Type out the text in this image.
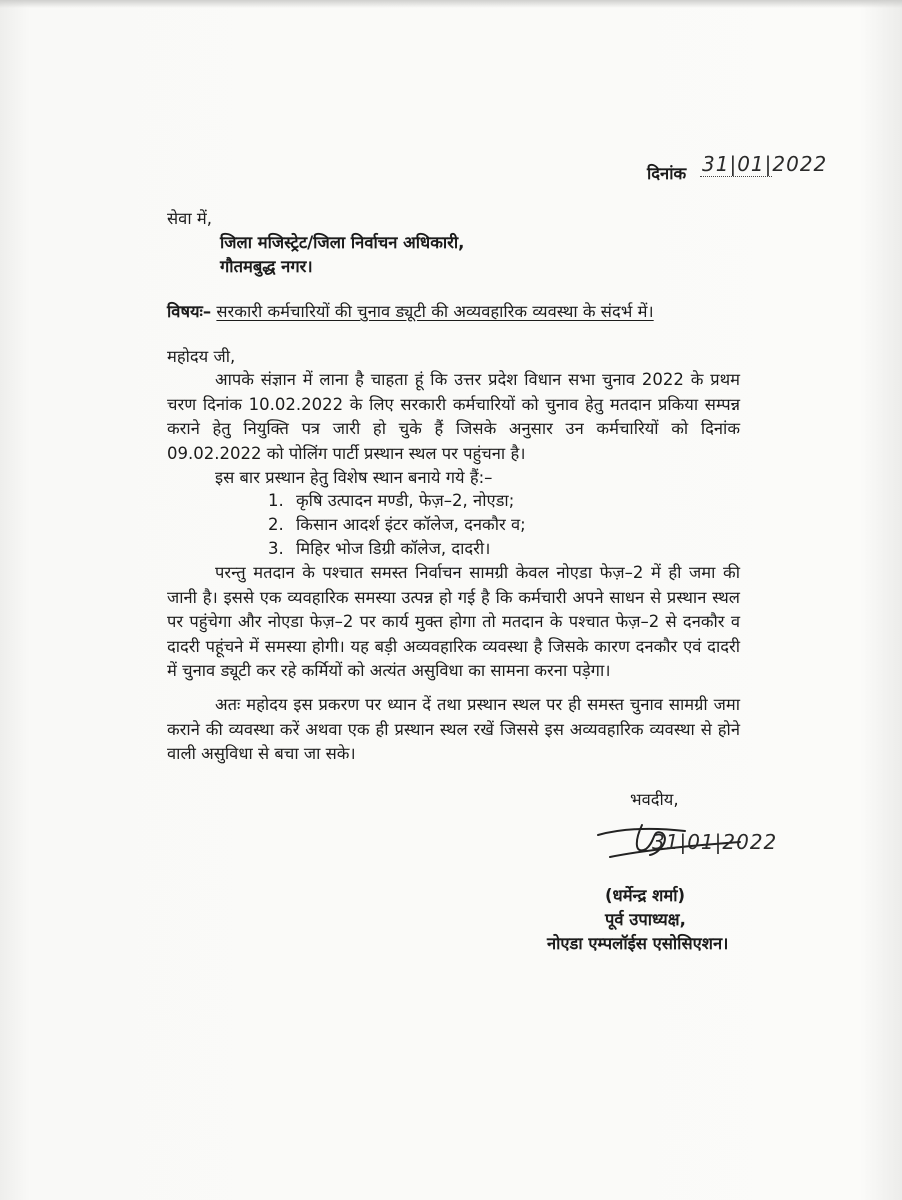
दिनांक 31|01|2022
सेवा में,
जिला मजिस्ट्रेट/जिला निर्वाचन अधिकारी,
गौतमबुद्ध नगर।
विषयः– सरकारी कर्मचारियों की चुनाव ड्यूटी की अव्यवहारिक व्यवस्था के संदर्भ में।
महोदय जी,
आपके संज्ञान में लाना है चाहता हूं कि उत्तर प्रदेश विधान सभा चुनाव 2022 के प्रथम चरण दिनांक 10.02.2022 के लिए सरकारी कर्मचारियों को चुनाव हेतु मतदान प्रकिया सम्पन्न कराने हेतु नियुक्ति पत्र जारी हो चुके हैं जिसके अनुसार उन कर्मचारियों को दिनांक 09.02.2022 को पोलिंग पार्टी प्रस्थान स्थल पर पहुंचना है।
इस बार प्रस्थान हेतु विशेष स्थान बनाये गये हैं:–
1. कृषि उत्पादन मण्डी, फेज़–2, नोएडा;
2. किसान आदर्श इंटर कॉलेज, दनकौर व;
3. मिहिर भोज डिग्री कॉलेज, दादरी।
परन्तु मतदान के पश्चात समस्त निर्वाचन सामग्री केवल नोएडा फेज़–2 में ही जमा की जानी है। इससे एक व्यवहारिक समस्या उत्पन्न हो गई है कि कर्मचारी अपने साधन से प्रस्थान स्थल पर पहुंचेगा और नोएडा फेज़–2 पर कार्य मुक्त होगा तो मतदान के पश्चात फेज़–2 से दनकौर व दादरी पहूंचने में समस्या होगी। यह बड़ी अव्यवहारिक व्यवस्था है जिसके कारण दनकौर एवं दादरी में चुनाव ड्यूटी कर रहे कर्मियों को अत्यंत असुविधा का सामना करना पड़ेगा।
अतः महोदय इस प्रकरण पर ध्यान दें तथा प्रस्थान स्थल पर ही समस्त चुनाव सामग्री जमा कराने की व्यवस्था करें अथवा एक ही प्रस्थान स्थल रखें जिससे इस अव्यवहारिक व्यवस्था से होने वाली असुविधा से बचा जा सके।
भवदीय,
31|01|2022
(धर्मेन्द्र शर्मा)
पूर्व उपाध्यक्ष,
नोएडा एम्पलॉईस एसोसिएशन।
